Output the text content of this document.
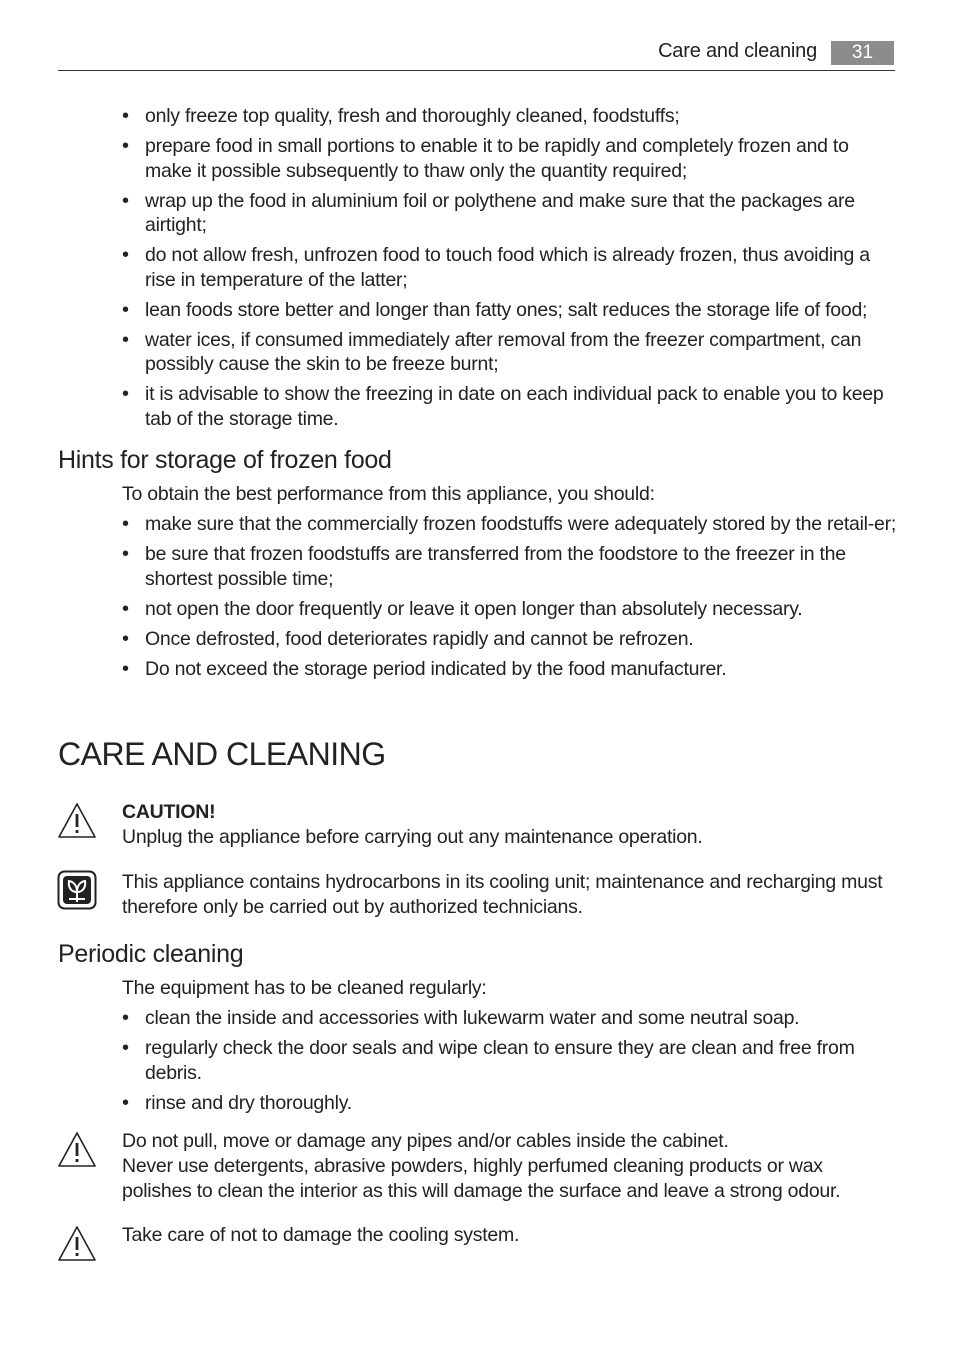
Care and cleaning	31
• only freeze top quality, fresh and thoroughly cleaned, foodstuffs;
• prepare food in small portions to enable it to be rapidly and completely frozen and to make it possible subsequently to thaw only the quantity required;
• wrap up the food in aluminium foil or polythene and make sure that the packages are airtight;
• do not allow fresh, unfrozen food to touch food which is already frozen, thus avoiding a rise in temperature of the latter;
• lean foods store better and longer than fatty ones; salt reduces the storage life of food;
• water ices, if consumed immediately after removal from the freezer compartment, can possibly cause the skin to be freeze burnt;
• it is advisable to show the freezing in date on each individual pack to enable you to keep tab of the storage time.
Hints for storage of frozen food

To obtain the best performance from this appliance, you should:

• make sure that the commercially frozen foodstuffs were adequately stored by the retail-er;
• be sure that frozen foodstuffs are transferred from the foodstore to the freezer in the shortest possible time;
• not open the door frequently or leave it open longer than absolutely necessary.
• Once defrosted, food deteriorates rapidly and cannot be refrozen.
• Do not exceed the storage period indicated by the food manufacturer.
CARE AND CLEANING
CAUTION!
Unplug the appliance before carrying out any maintenance operation.
This appliance contains hydrocarbons in its cooling unit; maintenance and recharging must therefore only be carried out by authorized technicians.
Periodic cleaning

The equipment has to be cleaned regularly:

• clean the inside and accessories with lukewarm water and some neutral soap.
• regularly check the door seals and wipe clean to ensure they are clean and free from debris.
• rinse and dry thoroughly.
Do not pull, move or damage any pipes and/or cables inside the cabinet.
Never use detergents, abrasive powders, highly perfumed cleaning products or wax polishes to clean the interior as this will damage the surface and leave a strong odour.
Take care of not to damage the cooling system.
